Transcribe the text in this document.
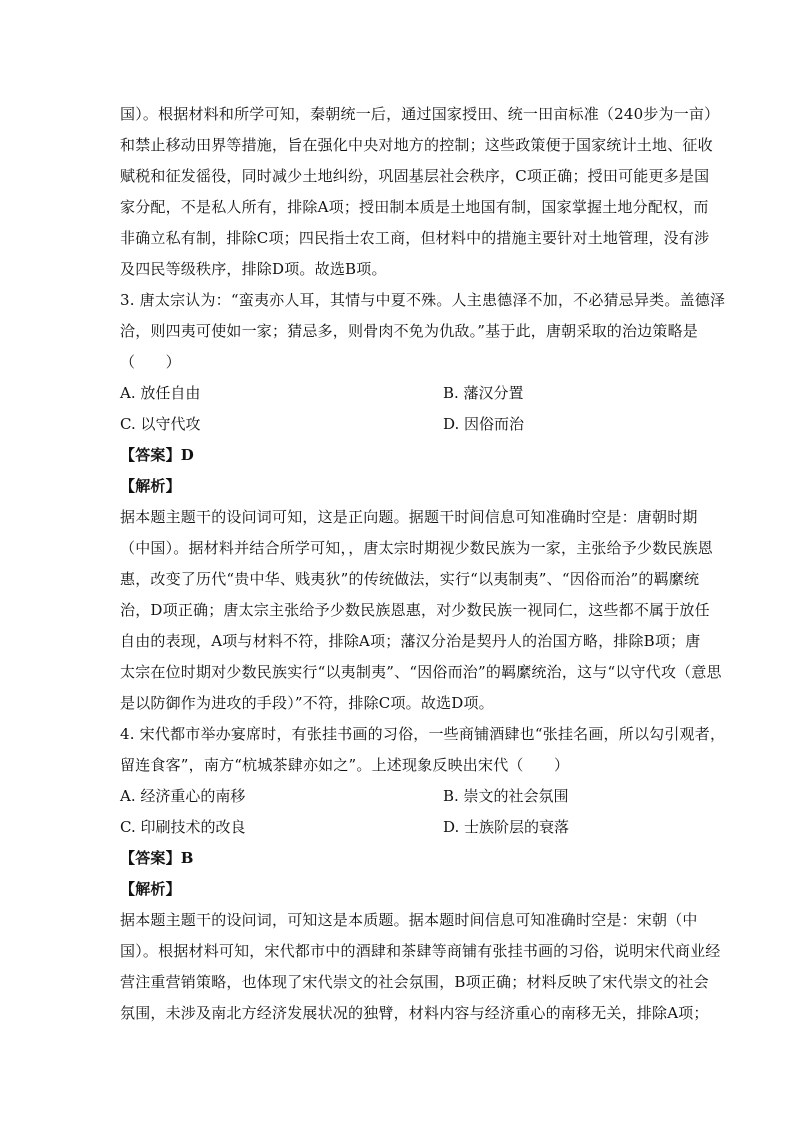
国）。根据材料和所学可知，秦朝统一后，通过国家授田、统一田亩标准（240步为一亩）
和禁止移动田界等措施，旨在强化中央对地方的控制；这些政策便于国家统计土地、征收
赋税和征发徭役，同时减少土地纠纷，巩固基层社会秩序，C项正确；授田可能更多是国
家分配，不是私人所有，排除A项；授田制本质是土地国有制，国家掌握土地分配权，而
非确立私有制，排除C项；四民指士农工商，但材料中的措施主要针对土地管理，没有涉
及四民等级秩序，排除D项。故选B项。
3. 唐太宗认为：“蛮夷亦人耳，其情与中夏不殊。人主患德泽不加，不必猜忌异类。盖德泽
洽，则四夷可使如一家；猜忌多，则骨肉不免为仇敌。”基于此，唐朝采取的治边策略是
（　　）
A. 放任自由	B. 藩汉分置
C. 以守代攻	D. 因俗而治
【答案】D
【解析】
据本题主题干的设问词可知，这是正向题。据题干时间信息可知准确时空是：唐朝时期
（中国）。据材料并结合所学可知，，唐太宗时期视少数民族为一家，主张给予少数民族恩
惠，改变了历代“贵中华、贱夷狄”的传统做法，实行“以夷制夷”、“因俗而治”的羁縻统
治，D项正确；唐太宗主张给予少数民族恩惠，对少数民族一视同仁，这些都不属于放任
自由的表现，A项与材料不符，排除A项；藩汉分治是契丹人的治国方略，排除B项；唐
太宗在位时期对少数民族实行“以夷制夷”、“因俗而治”的羁縻统治，这与“以守代攻（意思
是以防御作为进攻的手段）”不符，排除C项。故选D项。
4. 宋代都市举办宴席时，有张挂书画的习俗，一些商铺酒肆也“张挂名画，所以勾引观者，
留连食客”，南方“杭城茶肆亦如之”。上述现象反映出宋代（　　）
A. 经济重心的南移	B. 崇文的社会氛围
C. 印刷技术的改良	D. 士族阶层的衰落
【答案】B
【解析】
据本题主题干的设问词，可知这是本质题。据本题时间信息可知准确时空是：宋朝（中
国）。根据材料可知，宋代都市中的酒肆和茶肆等商铺有张挂书画的习俗，说明宋代商业经
营注重营销策略，也体现了宋代崇文的社会氛围，B项正确；材料反映了宋代崇文的社会
氛围，未涉及南北方经济发展状况的独臂，材料内容与经济重心的南移无关，排除A项；
